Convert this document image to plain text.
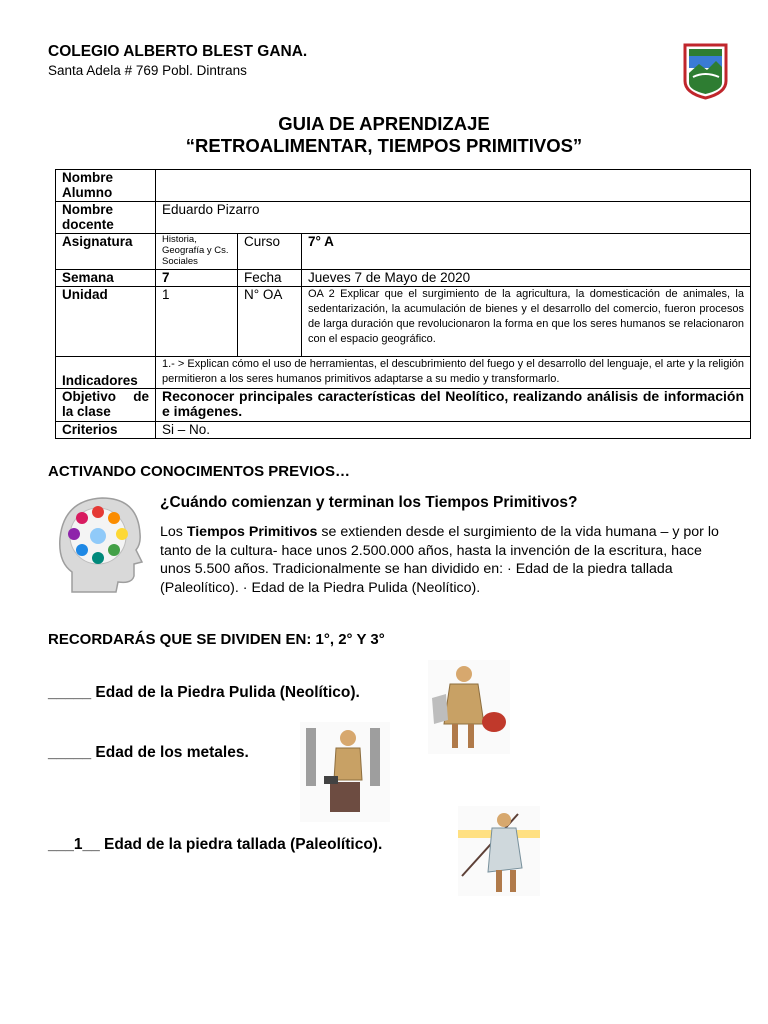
COLEGIO ALBERTO BLEST GANA.
Santa Adela # 769 Pobl. Dintrans
GUIA DE APRENDIZAJE
“RETROALIMENTAR, TIEMPOS PRIMITIVOS”
Nombre Alumno			
Nombre docente	Eduardo Pizarro		
Asignatura	Historia, Geografía y Cs. Sociales	Curso	7° A
Semana	7	Fecha	Jueves 7 de Mayo de 2020
Unidad	1	N° OA	OA 2 Explicar que el surgimiento de la agricultura, la domesticación de animales, la sedentarización, la acumulación de bienes y el desarrollo del comercio, fueron procesos de larga duración que revolucionaron la forma en que los seres humanos se relacionaron con el espacio geográfico.
Indicadores	1.- > Explican cómo el uso de herramientas, el descubrimiento del fuego y el desarrollo del lenguaje, el arte y la religión permitieron a los seres humanos primitivos adaptarse a su medio y transformarlo.		
Objetivo de la clase	Reconocer principales características del Neolítico, realizando análisis de información e imágenes.		
Criterios	Si – No.		
ACTIVANDO CONOCIMENTOS PREVIOS…
¿Cuándo comienzan y terminan los Tiempos Primitivos?
Los Tiempos Primitivos se extienden desde el surgimiento de la vida humana – y por lo tanto de la cultura- hace unos 2.500.000 años, hasta la invención de la escritura, hace unos 5.500 años. Tradicionalmente se han dividido en: · Edad de la piedra tallada (Paleolítico). · Edad de la Piedra Pulida (Neolítico).
RECORDARÁS QUE SE DIVIDEN EN: 1°, 2° Y 3°
_____ Edad de la Piedra Pulida (Neolítico).
_____ Edad de los metales.
___1__ Edad de la piedra tallada (Paleolítico).
